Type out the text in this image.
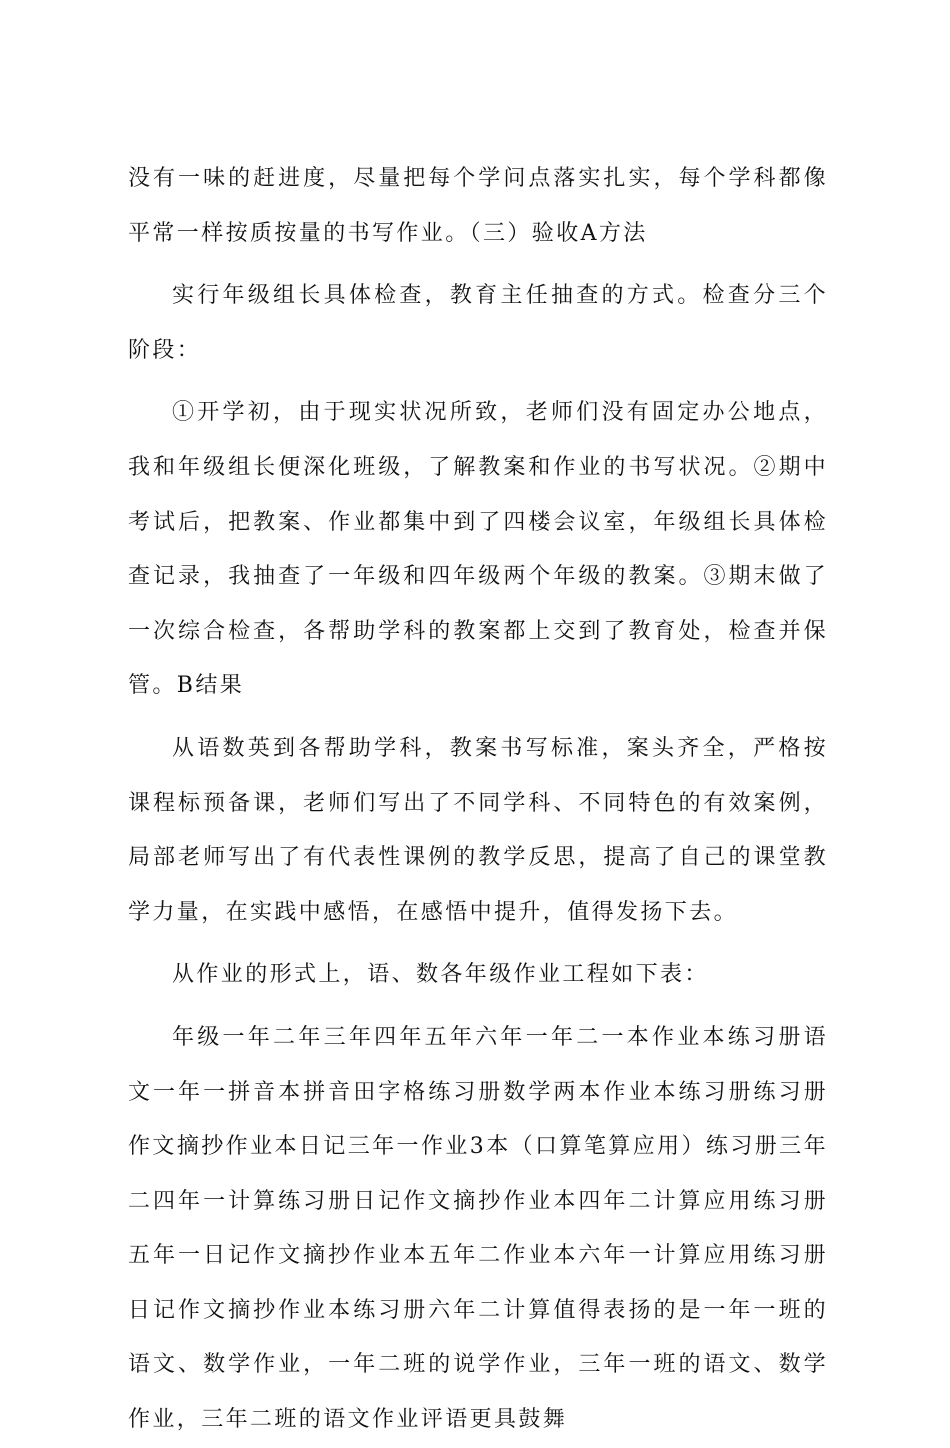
没有一味的赶进度，尽量把每个学问点落实扎实，每个学科都像平常一样按质按量的书写作业。（三）验收A方法

实行年级组长具体检查，教育主任抽查的方式。检查分三个阶段：

①开学初，由于现实状况所致，老师们没有固定办公地点，我和年级组长便深化班级，了解教案和作业的书写状况。②期中考试后，把教案、作业都集中到了四楼会议室，年级组长具体检查记录，我抽查了一年级和四年级两个年级的教案。③期末做了一次综合检查，各帮助学科的教案都上交到了教育处，检查并保管。B结果

从语数英到各帮助学科，教案书写标准，案头齐全，严格按课程标预备课，老师们写出了不同学科、不同特色的有效案例，局部老师写出了有代表性课例的教学反思，提高了自己的课堂教学力量，在实践中感悟，在感悟中提升，值得发扬下去。

从作业的形式上，语、数各年级作业工程如下表：

年级一年二年三年四年五年六年一年二一本作业本练习册语文一年一拼音本拼音田字格练习册数学两本作业本练习册练习册作文摘抄作业本日记三年一作业3本（口算笔算应用）练习册三年二四年一计算练习册日记作文摘抄作业本四年二计算应用练习册五年一日记作文摘抄作业本五年二作业本六年一计算应用练习册日记作文摘抄作业本练习册六年二计算值得表扬的是一年一班的语文、数学作业，一年二班的说学作业，三年一班的语文、数学作业，三年二班的语文作业评语更具鼓舞
